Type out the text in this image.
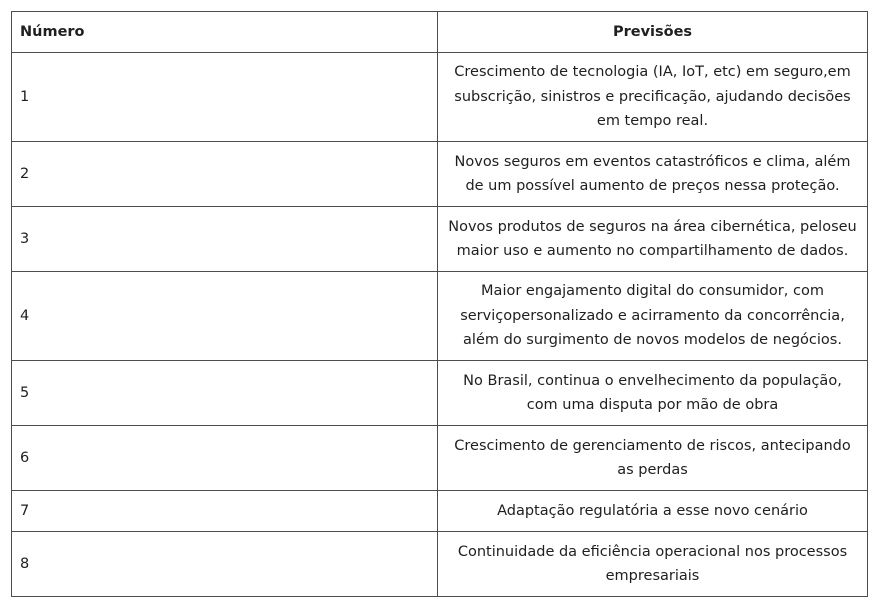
Número	Previsões
1	Crescimento de tecnologia (IA, IoT, etc) em seguro,em subscrição, sinistros e precificação, ajudando decisões em tempo real.
2	Novos seguros em eventos catastróficos e clima, além de um possível aumento de preços nessa proteção.
3	Novos produtos de seguros na área cibernética, peloseu maior uso e aumento no compartilhamento de dados.
4	Maior engajamento digital do consumidor, com serviçopersonalizado e acirramento da concorrência, além do surgimento de novos modelos de negócios.
5	No Brasil, continua o envelhecimento da população, com uma disputa por mão de obra
6	Crescimento de gerenciamento de riscos, antecipando as perdas
7	Adaptação regulatória a esse novo cenário
8	Continuidade da eficiência operacional nos processos empresariais
